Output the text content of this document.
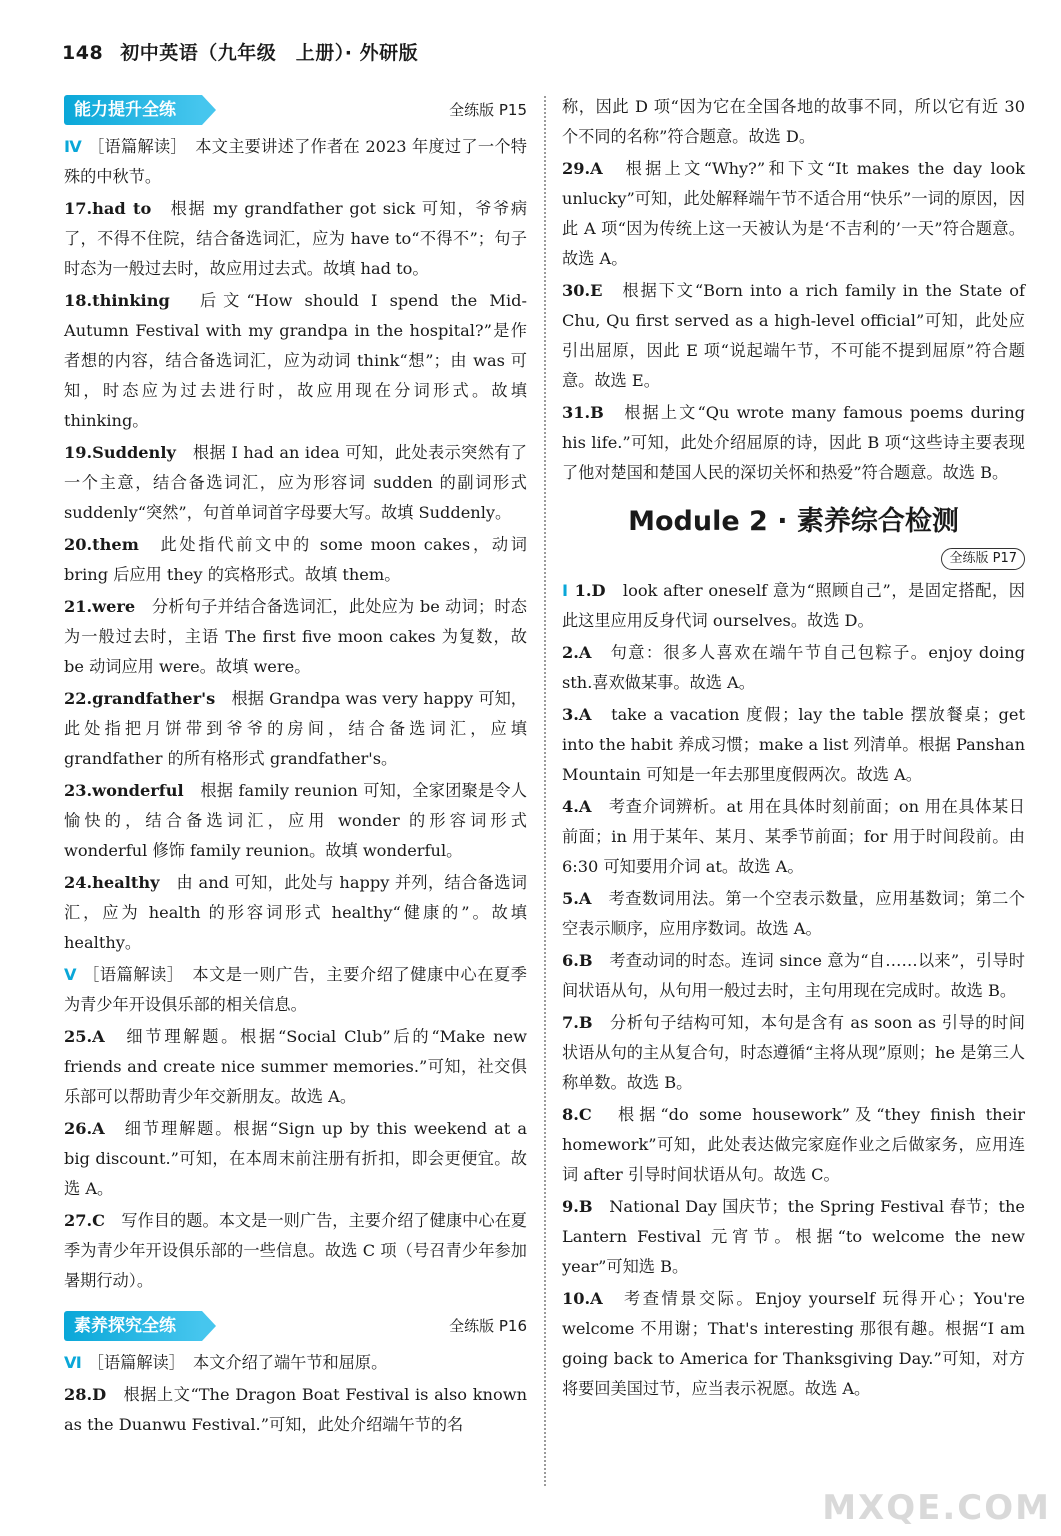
148 初中英语（九年级　上册）· 外研版
能力提升全练	全练版 P15

Ⅳ ［语篇解读］　本文主要讲述了作者在 2023 年度过了一个特殊的中秋节。

17.had to　根据 my grandfather got sick 可知，爷爷病了，不得不住院，结合备选词汇，应为 have to“不得不”；句子时态为一般过去时，故应用过去式。故填 had to。

18.thinking　后文“How should I spend the Mid-Autumn Festival with my grandpa in the hospital?”是作者想的内容，结合备选词汇，应为动词 think“想”；由 was 可知，时态应为过去进行时，故应用现在分词形式。故填 thinking。

19.Suddenly　根据 I had an idea 可知，此处表示突然有了一个主意，结合备选词汇，应为形容词 sudden 的副词形式 suddenly“突然”，句首单词首字母要大写。故填 Suddenly。

20.them　此处指代前文中的 some moon cakes，动词 bring 后应用 they 的宾格形式。故填 them。

21.were　分析句子并结合备选词汇，此处应为 be 动词；时态为一般过去时，主语 The first five moon cakes 为复数，故 be 动词应用 were。故填 were。

22.grandfather's　根据 Grandpa was very happy 可知，此处指把月饼带到爷爷的房间，结合备选词汇，应填 grandfather 的所有格形式 grandfather's。

23.wonderful　根据 family reunion 可知，全家团聚是令人愉快的，结合备选词汇，应用 wonder 的形容词形式 wonderful 修饰 family reunion。故填 wonderful。

24.healthy　由 and 可知，此处与 happy 并列，结合备选词汇，应为 health 的形容词形式 healthy“健康的”。故填 healthy。

Ⅴ ［语篇解读］　本文是一则广告，主要介绍了健康中心在夏季为青少年开设俱乐部的相关信息。

25.A　细节理解题。根据“Social Club”后的“Make new friends and create nice summer memories.”可知，社交俱乐部可以帮助青少年交新朋友。故选 A。

26.A　细节理解题。根据“Sign up by this weekend at a big discount.”可知，在本周末前注册有折扣，即会更便宜。故选 A。

27.C　写作目的题。本文是一则广告，主要介绍了健康中心在夏季为青少年开设俱乐部的一些信息。故选 C 项（号召青少年参加暑期行动）。

素养探究全练	全练版 P16

Ⅵ ［语篇解读］　本文介绍了端午节和屈原。

28.D　根据上文“The Dragon Boat Festival is also known as the Duanwu Festival.”可知，此处介绍端午节的名

称，因此 D 项“因为它在全国各地的故事不同，所以它有近 30 个不同的名称”符合题意。故选 D。

29.A　根据上文“Why?”和下文“It makes the day look unlucky”可知，此处解释端午节不适合用“快乐”一词的原因，因此 A 项“因为传统上这一天被认为是‘不吉利的’一天”符合题意。故选 A。

30.E　根据下文“Born into a rich family in the State of Chu, Qu first served as a high-level official”可知，此处应引出屈原，因此 E 项“说起端午节，不可能不提到屈原”符合题意。故选 E。

31.B　根据上文“Qu wrote many famous poems during his life.”可知，此处介绍屈原的诗，因此 B 项“这些诗主要表现了他对楚国和楚国人民的深切关怀和热爱”符合题意。故选 B。

Module 2 · 素养综合检测
全练版 P17

Ⅰ 1.D　look after oneself 意为“照顾自己”，是固定搭配，因此这里应用反身代词 ourselves。故选 D。

2.A　句意：很多人喜欢在端午节自己包粽子。enjoy doing sth.喜欢做某事。故选 A。

3.A　take a vacation 度假；lay the table 摆放餐桌；get into the habit 养成习惯；make a list 列清单。根据 Panshan Mountain 可知是一年去那里度假两次。故选 A。

4.A　考查介词辨析。at 用在具体时刻前面；on 用在具体某日前面；in 用于某年、某月、某季节前面；for 用于时间段前。由 6:30 可知要用介词 at。故选 A。

5.A　考查数词用法。第一个空表示数量，应用基数词；第二个空表示顺序，应用序数词。故选 A。

6.B　考查动词的时态。连词 since 意为“自……以来”，引导时间状语从句，从句用一般过去时，主句用现在完成时。故选 B。

7.B　分析句子结构可知，本句是含有 as soon as 引导的时间状语从句的主从复合句，时态遵循“主将从现”原则；he 是第三人称单数。故选 B。

8.C　根据“do some housework”及“they finish their homework”可知，此处表达做完家庭作业之后做家务，应用连词 after 引导时间状语从句。故选 C。

9.B　National Day 国庆节；the Spring Festival 春节；the Lantern Festival 元宵节。根据“to welcome the new year”可知选 B。

10.A　考查情景交际。Enjoy yourself 玩得开心；You're welcome 不用谢；That's interesting 那很有趣。根据“I am going back to America for Thanksgiving Day.”可知，对方将要回美国过节，应当表示祝愿。故选 A。

MXQE.COM
